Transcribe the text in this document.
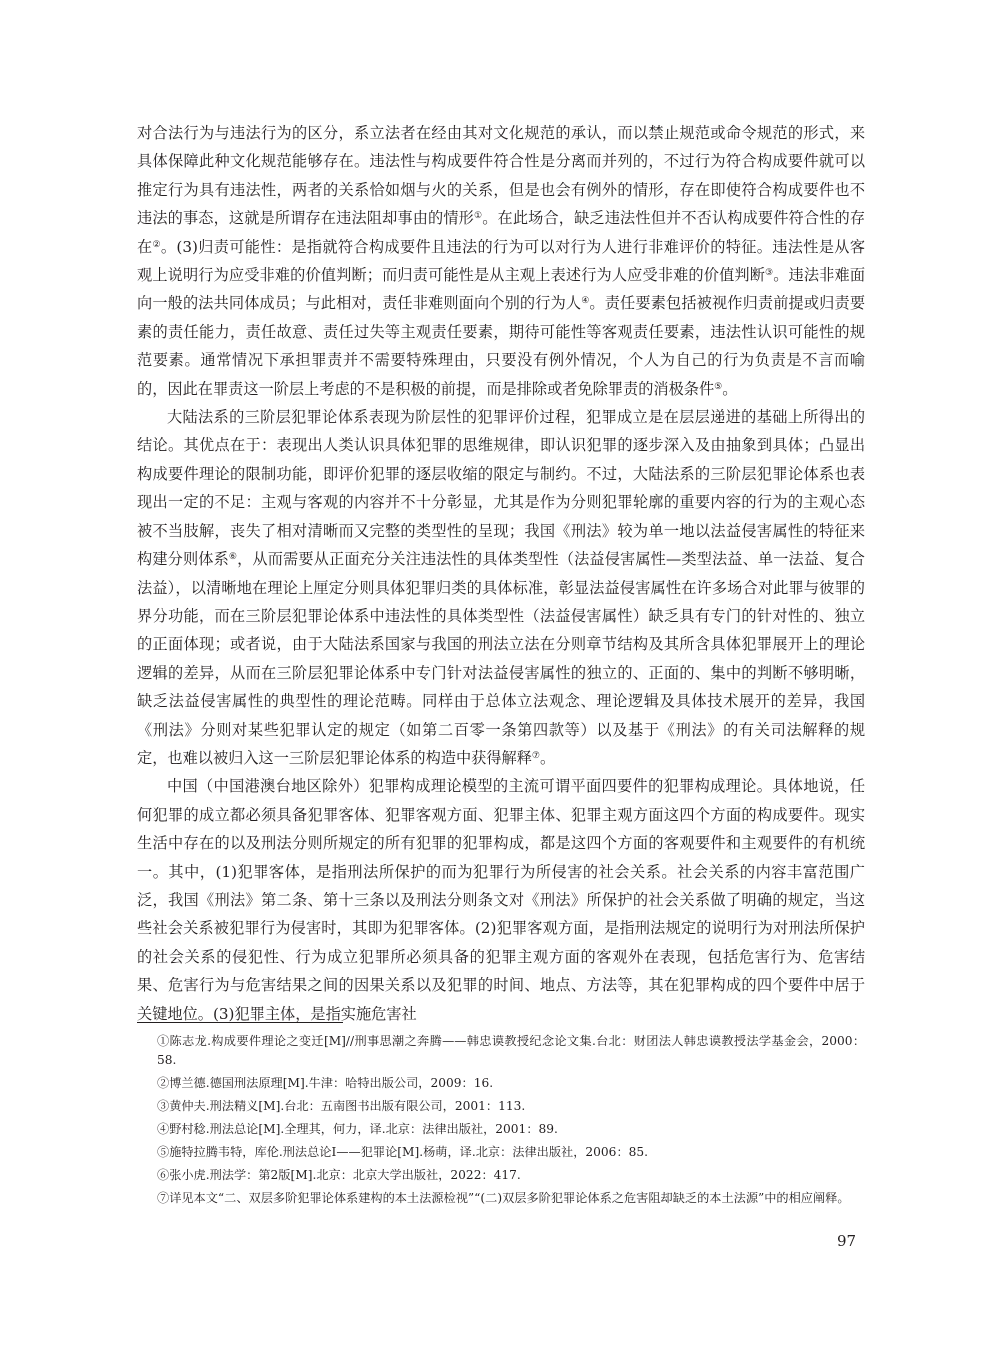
对合法行为与违法行为的区分，系立法者在经由其对文化规范的承认，而以禁止规范或命令规范的形式，来具体保障此种文化规范能够存在。违法性与构成要件符合性是分离而并列的，不过行为符合构成要件就可以推定行为具有违法性，两者的关系恰如烟与火的关系，但是也会有例外的情形，存在即使符合构成要件也不违法的事态，这就是所谓存在违法阻却事由的情形①。在此场合，缺乏违法性但并不否认构成要件符合性的存在②。(3)归责可能性：是指就符合构成要件且违法的行为可以对行为人进行非难评价的特征。违法性是从客观上说明行为应受非难的价值判断；而归责可能性是从主观上表述行为人应受非难的价值判断③。违法非难面向一般的法共同体成员；与此相对，责任非难则面向个别的行为人④。责任要素包括被视作归责前提或归责要素的责任能力，责任故意、责任过失等主观责任要素，期待可能性等客观责任要素，违法性认识可能性的规范要素。通常情况下承担罪责并不需要特殊理由，只要没有例外情况，个人为自己的行为负责是不言而喻的，因此在罪责这一阶层上考虑的不是积极的前提，而是排除或者免除罪责的消极条件⑤。

大陆法系的三阶层犯罪论体系表现为阶层性的犯罪评价过程，犯罪成立是在层层递进的基础上所得出的结论。其优点在于：表现出人类认识具体犯罪的思维规律，即认识犯罪的逐步深入及由抽象到具体；凸显出构成要件理论的限制功能，即评价犯罪的逐层收缩的限定与制约。不过，大陆法系的三阶层犯罪论体系也表现出一定的不足：主观与客观的内容并不十分彰显，尤其是作为分则犯罪轮廓的重要内容的行为的主观心态被不当肢解，丧失了相对清晰而又完整的类型性的呈现；我国《刑法》较为单一地以法益侵害属性的特征来构建分则体系⑥，从而需要从正面充分关注违法性的具体类型性（法益侵害属性—类型法益、单一法益、复合法益），以清晰地在理论上厘定分则具体犯罪归类的具体标准，彰显法益侵害属性在许多场合对此罪与彼罪的界分功能，而在三阶层犯罪论体系中违法性的具体类型性（法益侵害属性）缺乏具有专门的针对性的、独立的正面体现；或者说，由于大陆法系国家与我国的刑法立法在分则章节结构及其所含具体犯罪展开上的理论逻辑的差异，从而在三阶层犯罪论体系中专门针对法益侵害属性的独立的、正面的、集中的判断不够明晰，缺乏法益侵害属性的典型性的理论范畴。同样由于总体立法观念、理论逻辑及具体技术展开的差异，我国《刑法》分则对某些犯罪认定的规定（如第二百零一条第四款等）以及基于《刑法》的有关司法解释的规定，也难以被归入这一三阶层犯罪论体系的构造中获得解释⑦。

中国（中国港澳台地区除外）犯罪构成理论模型的主流可谓平面四要件的犯罪构成理论。具体地说，任何犯罪的成立都必须具备犯罪客体、犯罪客观方面、犯罪主体、犯罪主观方面这四个方面的构成要件。现实生活中存在的以及刑法分则所规定的所有犯罪的犯罪构成，都是这四个方面的客观要件和主观要件的有机统一。其中，(1)犯罪客体，是指刑法所保护的而为犯罪行为所侵害的社会关系。社会关系的内容丰富范围广泛，我国《刑法》第二条、第十三条以及刑法分则条文对《刑法》所保护的社会关系做了明确的规定，当这些社会关系被犯罪行为侵害时，其即为犯罪客体。(2)犯罪客观方面，是指刑法规定的说明行为对刑法所保护的社会关系的侵犯性、行为成立犯罪所必须具备的犯罪主观方面的客观外在表现，包括危害行为、危害结果、危害行为与危害结果之间的因果关系以及犯罪的时间、地点、方法等，其在犯罪构成的四个要件中居于关键地位。(3)犯罪主体，是指实施危害社

①陈志龙.构成要件理论之变迁[M]//刑事思潮之奔腾——韩忠谟教授纪念论文集.台北：财团法人韩忠谟教授法学基金会，2000：58.
②博兰德.德国刑法原理[M].牛津：哈特出版公司，2009：16.
③黄仲夫.刑法精义[M].台北：五南图书出版有限公司，2001：113.
④野村稔.刑法总论[M].全理其，何力，译.北京：法律出版社，2001：89.
⑤施特拉腾韦特，库伦.刑法总论Ⅰ——犯罪论[M].杨萌，译.北京：法律出版社，2006：85.
⑥张小虎.刑法学：第2版[M].北京：北京大学出版社，2022：417.
⑦详见本文“二、双层多阶犯罪论体系建构的本土法源检视”“(二)双层多阶犯罪论体系之危害阻却缺乏的本土法源”中的相应阐释。
97
